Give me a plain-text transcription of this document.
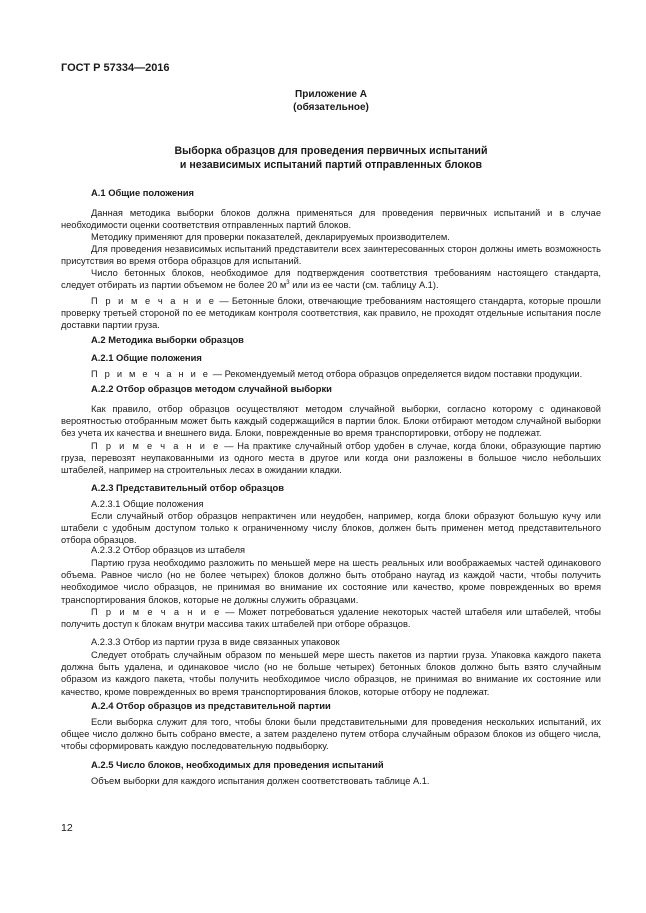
ГОСТ Р 57334—2016
Приложение А
(обязательное)
Выборка образцов для проведения первичных испытаний
и независимых испытаний партий отправленных блоков
А.1 Общие положения
Данная методика выборки блоков должна применяться для проведения первичных испытаний и в случае необходимости оценки соответствия отправленных партий блоков.
Методику применяют для проверки показателей, декларируемых производителем.
Для проведения независимых испытаний представители всех заинтересованных сторон должны иметь возможность присутствия во время отбора образцов для испытаний.
Число бетонных блоков, необходимое для подтверждения соответствия требованиям настоящего стандарта, следует отбирать из партии объемом не более 20 $м^3$ или из ее части (см. таблицу А.1).
П р и м е ч а н и е — Бетонные блоки, отвечающие требованиям настоящего стандарта, которые прошли проверку третьей стороной по ее методикам контроля соответствия, как правило, не проходят отдельные испытания после доставки партии груза.
А.2 Методика выборки образцов
А.2.1 Общие положения
П р и м е ч а н и е — Рекомендуемый метод отбора образцов определяется видом поставки продукции.
А.2.2 Отбор образцов методом случайной выборки
Как правило, отбор образцов осуществляют методом случайной выборки, согласно которому с одинаковой вероятностью отобранным может быть каждый содержащийся в партии блок. Блоки отбирают методом случайной выборки без учета их качества и внешнего вида. Блоки, поврежденные во время транспортировки, отбору не подлежат.
П р и м е ч а н и е — На практике случайный отбор удобен в случае, когда блоки, образующие партию груза, перевозят неупакованными из одного места в другое или когда они разложены в большое число небольших штабелей, например на строительных лесах в ожидании кладки.
А.2.3 Представительный отбор образцов
А.2.3.1 Общие положения
Если случайный отбор образцов непрактичен или неудобен, например, когда блоки образуют большую кучу или штабели с удобным доступом только к ограниченному числу блоков, должен быть применен метод представительного отбора образцов.
А.2.3.2 Отбор образцов из штабеля
Партию груза необходимо разложить по меньшей мере на шесть реальных или воображаемых частей одинакового объема. Равное число (но не более четырех) блоков должно быть отобрано наугад из каждой части, чтобы получить необходимое число образцов, не принимая во внимание их состояние или качество, кроме поврежденных во время транспортирования блоков, которые не должны служить образцами.
П р и м е ч а н и е — Может потребоваться удаление некоторых частей штабеля или штабелей, чтобы получить доступ к блокам внутри массива таких штабелей при отборе образцов.
А.2.3.3 Отбор из партии груза в виде связанных упаковок
Следует отобрать случайным образом по меньшей мере шесть пакетов из партии груза. Упаковка каждого пакета должна быть удалена, и одинаковое число (но не больше четырех) бетонных блоков должно быть взято случайным образом из каждого пакета, чтобы получить необходимое число образцов, не принимая во внимание их состояние или качество, кроме поврежденных во время транспортирования блоков, которые отбору не подлежат.
А.2.4 Отбор образцов из представительной партии
Если выборка служит для того, чтобы блоки были представительными для проведения нескольких испытаний, их общее число должно быть собрано вместе, а затем разделено путем отбора случайным образом блоков из общего числа, чтобы сформировать каждую последовательную подвыборку.
А.2.5 Число блоков, необходимых для проведения испытаний
Объем выборки для каждого испытания должен соответствовать таблице А.1.
12
